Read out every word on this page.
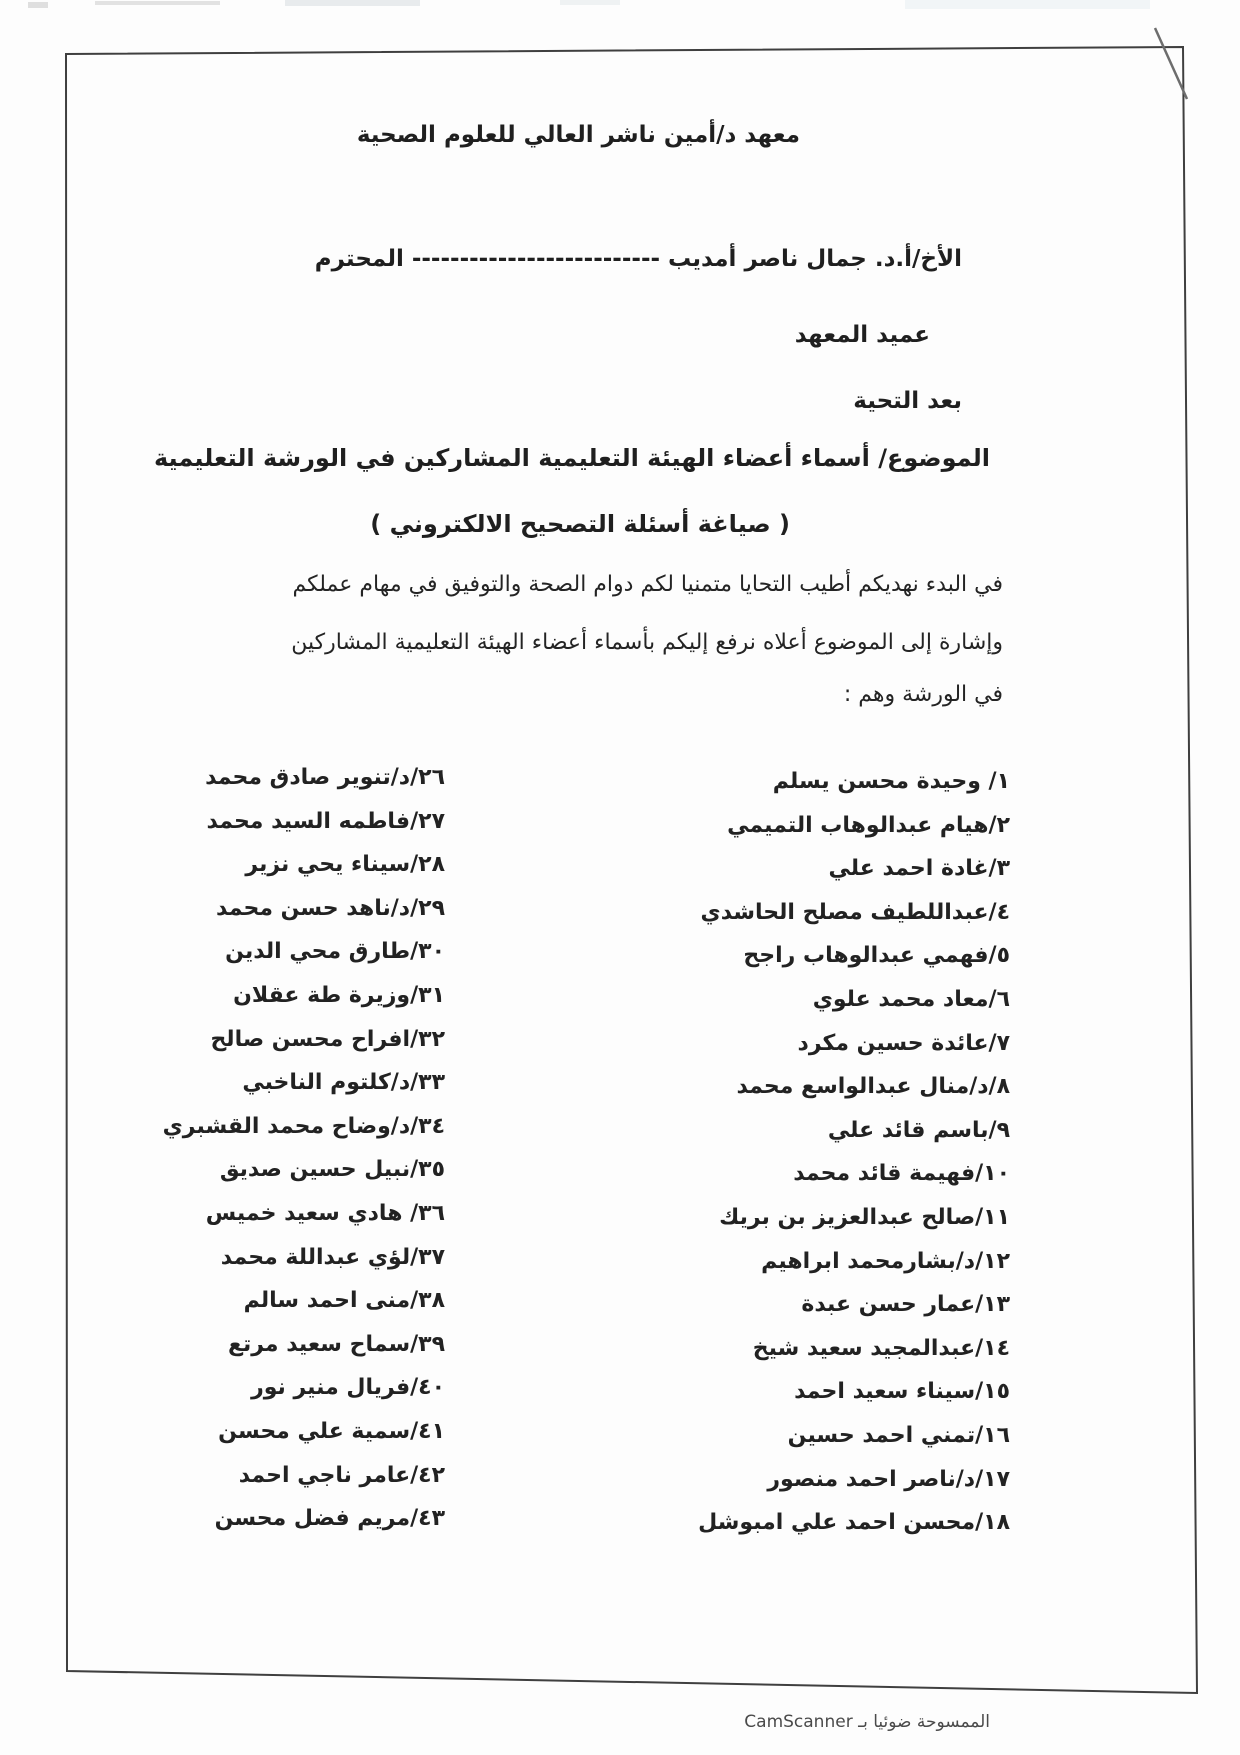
معهد د/أمين ناشر العالي للعلوم الصحية
الأخ/أ.د. جمال ناصر أمديب -------------------------- المحترم
عميد المعهد
بعد التحية
الموضوع/ أسماء أعضاء الهيئة التعليمية المشاركين في الورشة التعليمية
( صياغة أسئلة التصحيح الالكتروني )
في البدء نهديكم أطيب التحايا متمنيا لكم دوام الصحة والتوفيق في مهام عملكم
وإشارة إلى الموضوع أعلاه نرفع إليكم بأسماء أعضاء الهيئة التعليمية المشاركين
في الورشة وهم :
١/ وحيدة محسن يسلم
٢/هيام عبدالوهاب التميمي
٣/غادة احمد علي
٤/عبداللطيف مصلح الحاشدي
٥/فهمي عبدالوهاب راجح
٦/معاد محمد علوي
٧/عائدة حسين مكرد
٨/د/منال عبدالواسع محمد
٩/باسم قائد علي
١٠/فهيمة قائد محمد
١١/صالح عبدالعزيز بن بريك
١٢/د/بشارمحمد ابراهيم
١٣/عمار حسن عبدة
١٤/عبدالمجيد سعيد شيخ
١٥/سيناء سعيد احمد
١٦/تمني احمد حسين
١٧/د/ناصر احمد منصور
١٨/محسن احمد علي امبوشل
٢٦/د/تنوير صادق محمد
٢٧/فاطمه السيد محمد
٢٨/سيناء يحي نزير
٢٩/د/ناهد حسن محمد
٣٠/طارق محي الدين
٣١/وزيرة طة عقلان
٣٢/افراح محسن صالح
٣٣/د/كلتوم الناخبي
٣٤/د/وضاح محمد القشبري
٣٥/نبيل حسين صديق
٣٦/ هادي سعيد خميس
٣٧/لؤي عبداللة محمد
٣٨/منى احمد سالم
٣٩/سماح سعيد مرتع
٤٠/فريال منير نور
٤١/سمية علي محسن
٤٢/عامر ناجي احمد
٤٣/مريم فضل محسن
الممسوحة ضوئيا بـ CamScanner
